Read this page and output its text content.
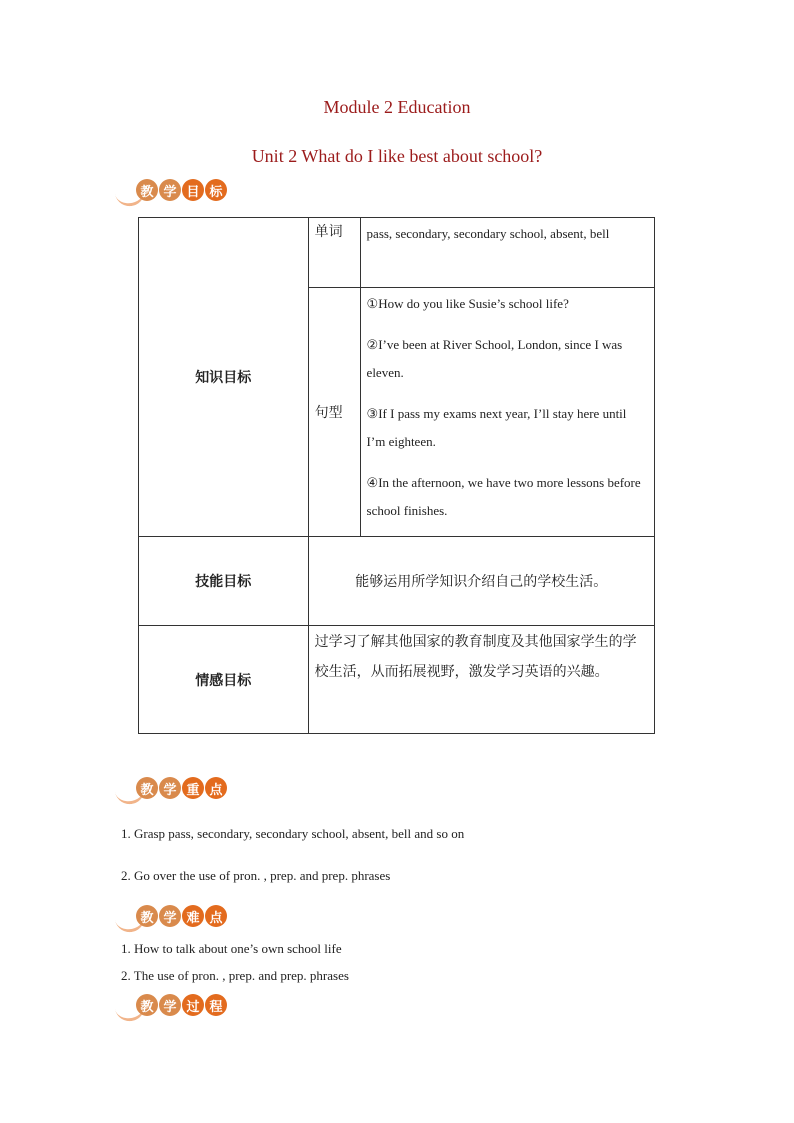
Module 2 Education
Unit 2 What do I like best about school?
教 学 目 标
知识目标	单词	pass, secondary, secondary school, absent, bell
	句型	①How do you like Susie’s school life?

②I’ve been at River School, London, since I was eleven.

③If I pass my exams next year, I’ll stay here until I’m eighteen.

④In the afternoon, we have two more lessons before school finishes.

技能目标	能够运用所学知识介绍自己的学校生活。	
情感目标	过学习了解其他国家的教育制度及其他国家学生的学校生活，从而拓展视野，激发学习英语的兴趣。	
教 学 重 点
1. Grasp pass, secondary, secondary school, absent, bell and so on
2. Go over the use of pron. , prep. and prep. phrases
教 学 难 点
1. How to talk about one’s own school life
2. The use of pron. , prep. and prep. phrases
教 学 过 程
